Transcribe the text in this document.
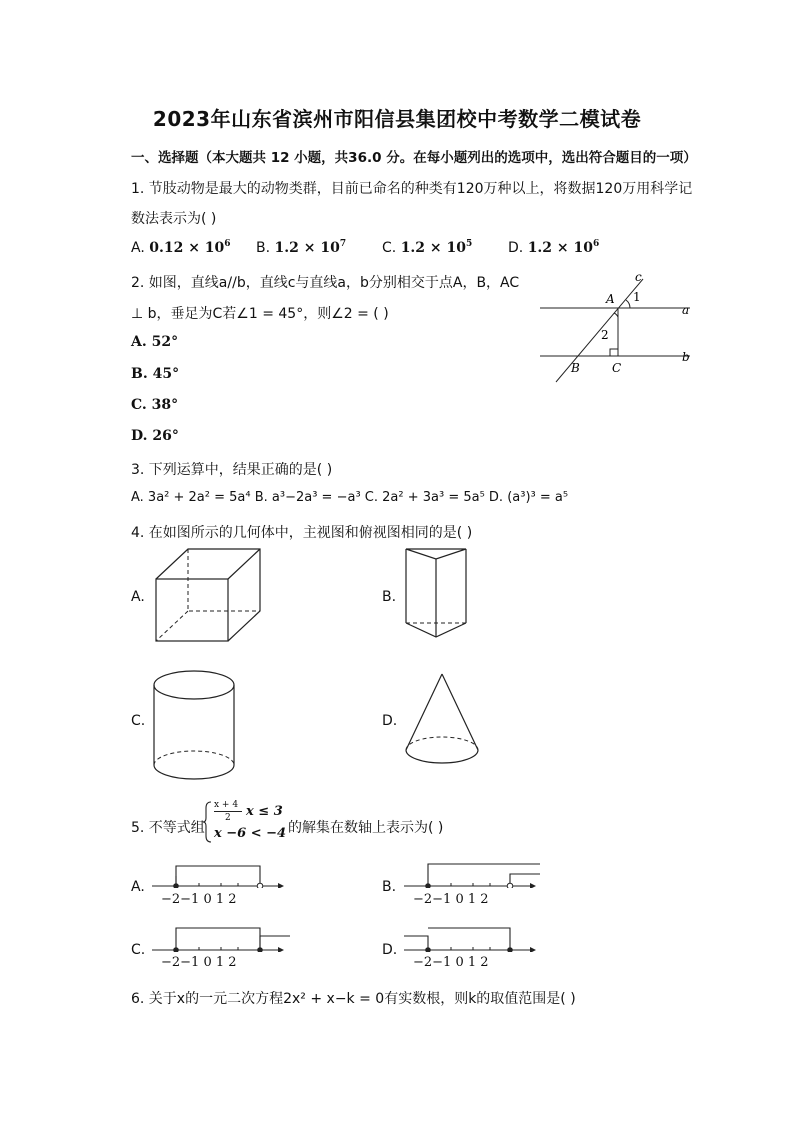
2023年山东省滨州市阳信县集团校中考数学二模试卷
一、选择题（本大题共 12 小题，共36.0 分。在每小题列出的选项中，选出符合题目的一项）
1. 节肢动物是最大的动物类群，目前已命名的种类有120万种以上，将数据120万用科学记
数法表示为( )
A. $0.12 \times 10^6$ B. $1.2 \times 10^7$	C. $1.2 \times 10^5$	D. $1.2 \times 10^6$
2. 如图，直线a//b，直线c与直线a，b分别相交于点A，B，AC
⊥ b，垂足为C若∠1 = 45°，则∠2 = ( )
A. 52°
B. 45°
C. 38°
D. 26°
c
A 1
a
2
B	C
b
3. 下列运算中，结果正确的是( )
A. 3a² + 2a² = 5a⁴ B. a³−2a³ = −a³ C. 2a² + 3a³ = 5a⁵ D. (a³)³ = a⁵
4. 在如图所示的几何体中，主视图和俯视图相同的是( )
A.	B.
C.	D.
5. 不等式组
x + 4
2 x ≤ 3
x −6 < −4 的解集在数轴上表示为( )
A.	B.
C.	D.
−2−1 0 1 2	−2−1 0 1 2
−2−1 0 1 2	−2−1 0 1 2
6. 关于x的一元二次方程2x² + x−k = 0有实数根，则k的取值范围是( )
